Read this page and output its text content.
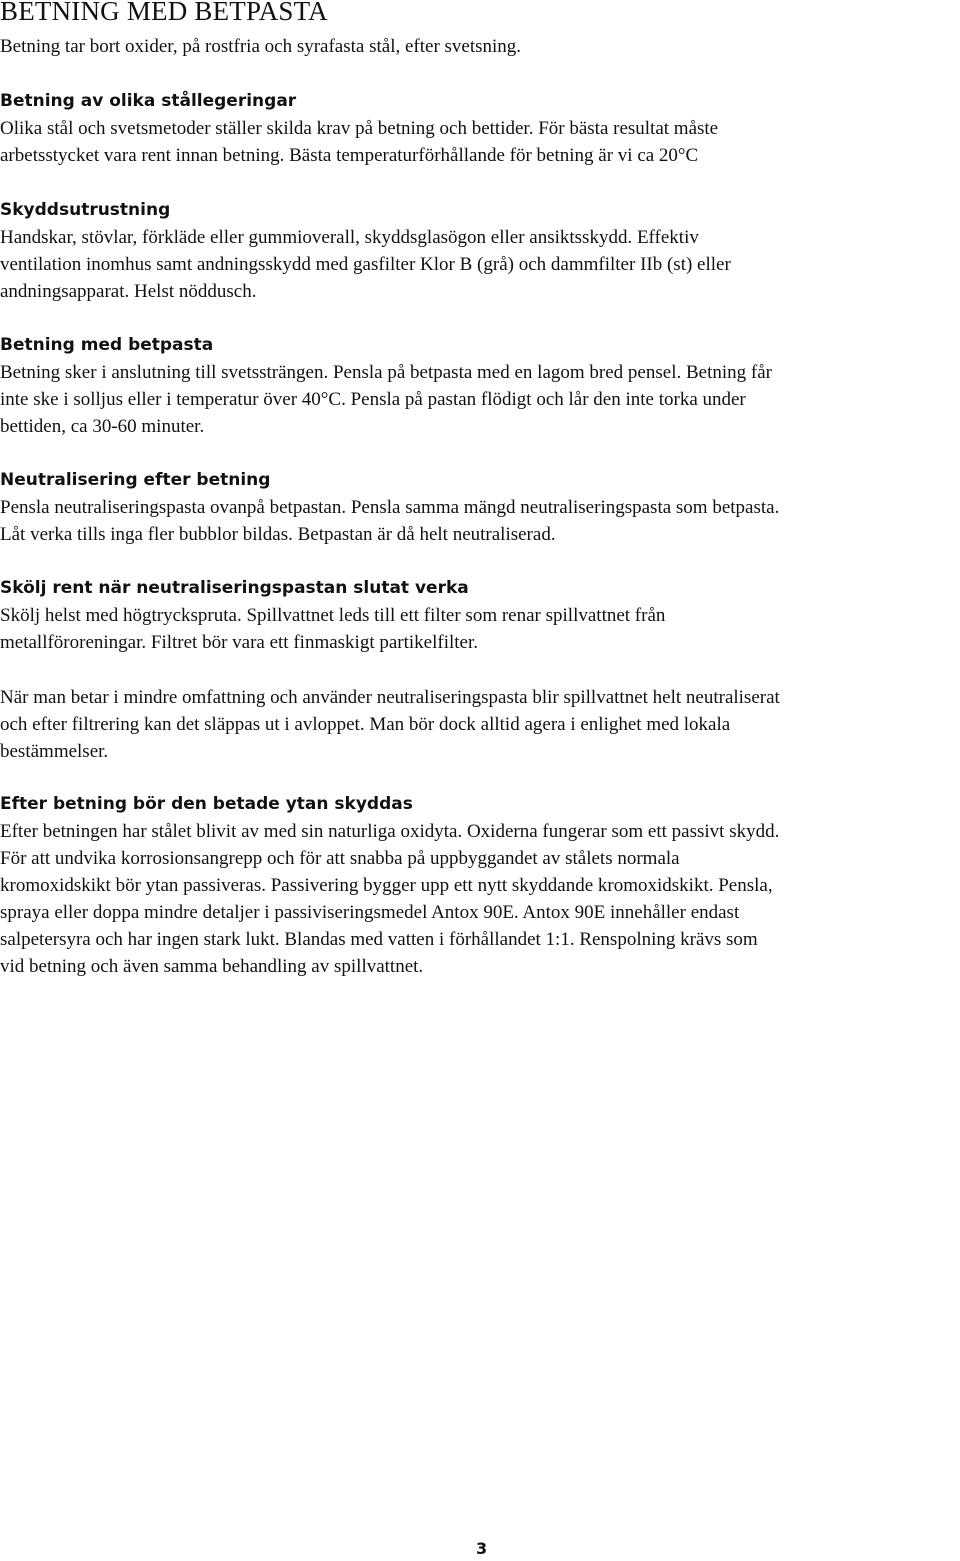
BETNING MED BETPASTA
Betning tar bort oxider, på rostfria och syrafasta stål, efter svetsning.
Betning av olika stållegeringar
Olika stål och svetsmetoder ställer skilda krav på betning och bettider. För bästa resultat måste
arbetsstycket vara rent innan betning. Bästa temperaturförhållande för betning är vi ca 20°C
Skyddsutrustning
Handskar, stövlar, förkläde eller gummioverall, skyddsglasögon eller ansiktsskydd. Effektiv
ventilation inomhus samt andningsskydd med gasfilter Klor B (grå) och dammfilter IIb (st) eller
andningsapparat. Helst nöddusch.
Betning med betpasta
Betning sker i anslutning till svetssträngen. Pensla på betpasta med en lagom bred pensel. Betning får
inte ske i solljus eller i temperatur över 40°C. Pensla på pastan flödigt och lår den inte torka under
bettiden, ca 30-60 minuter.
Neutralisering efter betning
Pensla neutraliseringspasta ovanpå betpastan. Pensla samma mängd neutraliseringspasta som betpasta.
Låt verka tills inga fler bubblor bildas. Betpastan är då helt neutraliserad.
Skölj rent när neutraliseringspastan slutat verka
Skölj helst med högtryckspruta. Spillvattnet leds till ett filter som renar spillvattnet från
metallföroreningar. Filtret bör vara ett finmaskigt partikelfilter.
När man betar i mindre omfattning och använder neutraliseringspasta blir spillvattnet helt neutraliserat
och efter filtrering kan det släppas ut i avloppet. Man bör dock alltid agera i enlighet med lokala
bestämmelser.
Efter betning bör den betade ytan skyddas
Efter betningen har stålet blivit av med sin naturliga oxidyta. Oxiderna fungerar som ett passivt skydd.
För att undvika korrosionsangrepp och för att snabba på uppbyggandet av stålets normala
kromoxidskikt bör ytan passiveras. Passivering bygger upp ett nytt skyddande kromoxidskikt. Pensla,
spraya eller doppa mindre detaljer i passiviseringsmedel Antox 90E. Antox 90E innehåller endast
salpetersyra och har ingen stark lukt. Blandas med vatten i förhållandet 1:1. Renspolning krävs som
vid betning och även samma behandling av spillvattnet.
3
